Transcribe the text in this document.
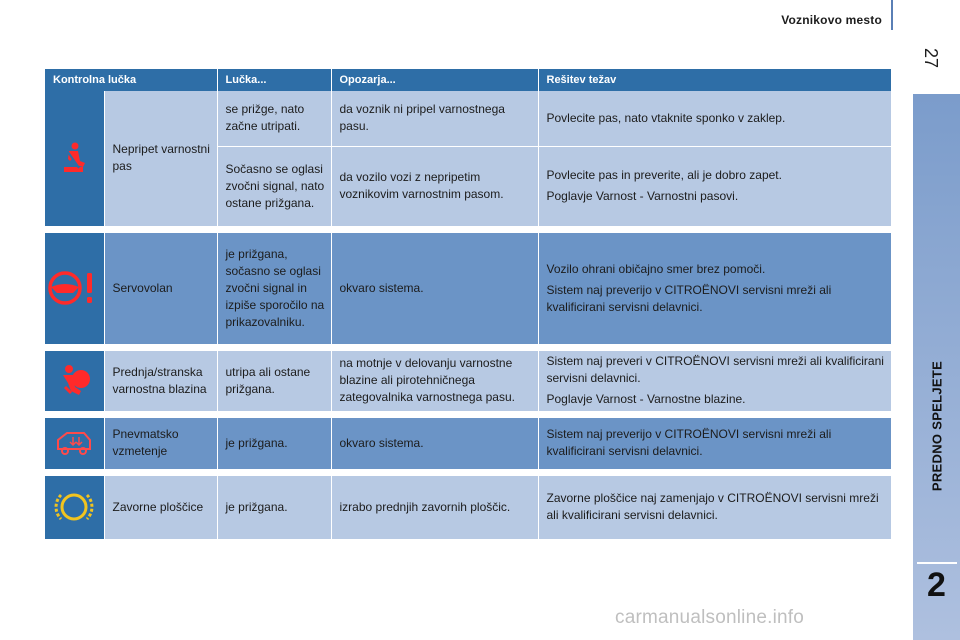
Voznikovo mesto
27
PREDNO SPELJETE
2
Kontrolna lučka		Lučka...	Opozarja...	Rešitev težav

	Nepripet varnostni pas	se prižge, nato začne utripati.	da voznik ni pripel varnostnega pasu.	Povlecite pas, nato vtaknite sponko v zaklep.

		Sočasno se oglasi zvočni signal, nato ostane prižgana.	da vozilo vozi z nepripetim voznikovim varnostnim pasom.	Povlecite pas in preverite, ali je dobro zapet.

Poglavje Varnost - Varnostni pasovi.

	Servovolan	je prižgana, sočasno se oglasi zvočni signal in izpiše sporočilo na prikazovalniku.	okvaro sistema.	Vozilo ohrani običajno smer brez pomoči.

Sistem naj preverijo v CITROËNOVI servisni mreži ali kvalificirani servisni delavnici.

	Prednja/stranska varnostna blazina	utripa ali ostane prižgana.	na motnje v delovanju varnostne blazine ali pirotehničnega zategovalnika varnostnega pasu.	Sistem naj preveri v CITROËNOVI servisni mreži ali kvalificirani servisni delavnici.

Poglavje Varnost - Varnostne blazine.

	Pnevmatsko vzmetenje	je prižgana.	okvaro sistema.	Sistem naj preverijo v CITROËNOVI servisni mreži ali kvalificirani servisni delavnici.

	Zavorne ploščice	je prižgana.	izrabo prednjih zavornih ploščic.	Zavorne ploščice naj zamenjajo v CITROËNOVI servisni mreži ali kvalificirani servisni delavnici.

carmanualsonline.info
